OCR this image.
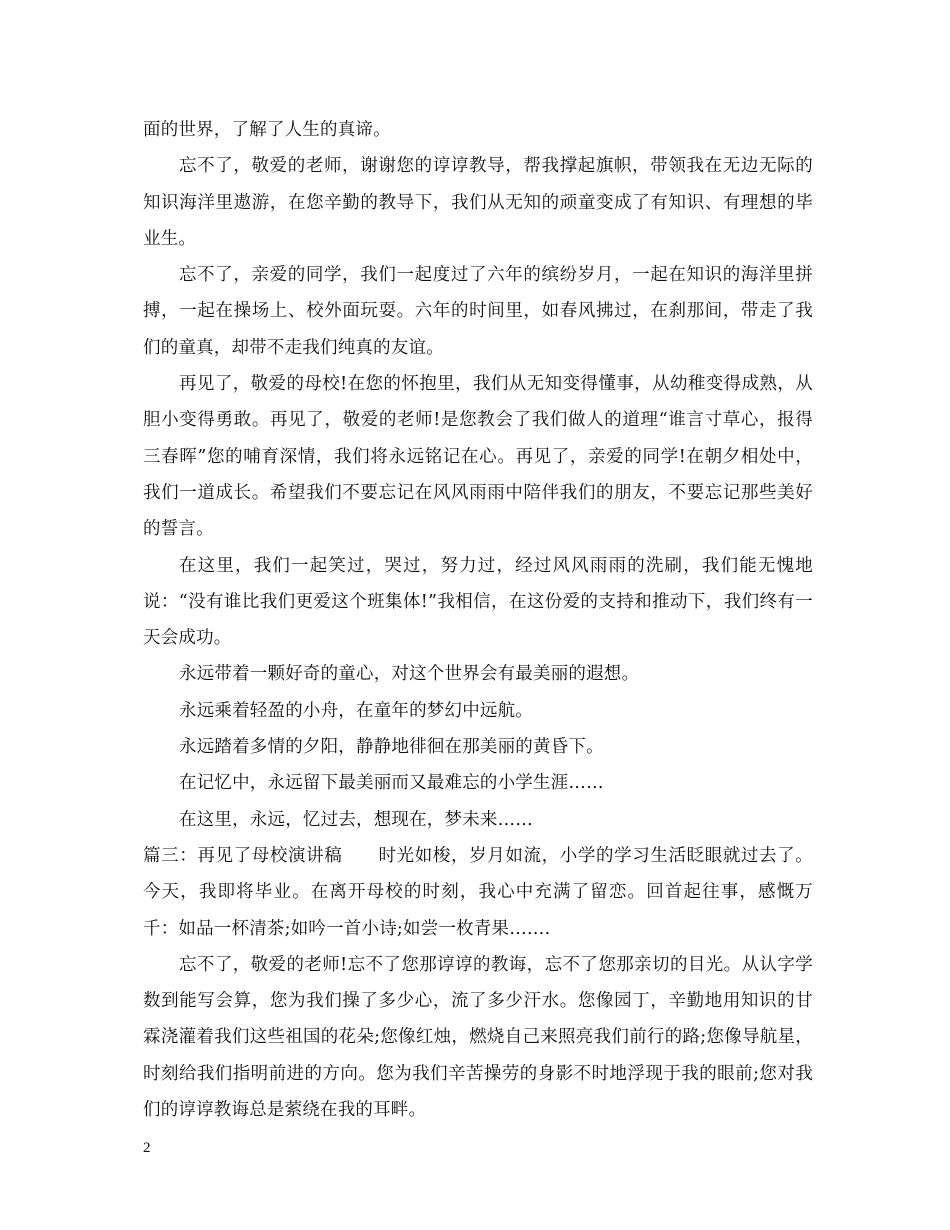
面的世界，了解了人生的真谛。

忘不了，敬爱的老师，谢谢您的谆谆教导，帮我撑起旗帜，带领我在无边无际的知识海洋里遨游，在您辛勤的教导下，我们从无知的顽童变成了有知识、有理想的毕业生。

忘不了，亲爱的同学，我们一起度过了六年的缤纷岁月，一起在知识的海洋里拼搏，一起在操场上、校外面玩耍。六年的时间里，如春风拂过，在刹那间，带走了我们的童真，却带不走我们纯真的友谊。

再见了，敬爱的母校!在您的怀抱里，我们从无知变得懂事，从幼稚变得成熟，从胆小变得勇敢。再见了，敬爱的老师!是您教会了我们做人的道理“谁言寸草心，报得三春晖”您的哺育深情，我们将永远铭记在心。再见了，亲爱的同学!在朝夕相处中，我们一道成长。希望我们不要忘记在风风雨雨中陪伴我们的朋友，不要忘记那些美好的誓言。

在这里，我们一起笑过，哭过，努力过，经过风风雨雨的洗刷，我们能无愧地说：“没有谁比我们更爱这个班集体!”我相信，在这份爱的支持和推动下，我们终有一天会成功。

永远带着一颗好奇的童心，对这个世界会有最美丽的遐想。

永远乘着轻盈的小舟，在童年的梦幻中远航。

永远踏着多情的夕阳，静静地徘徊在那美丽的黄昏下。

在记忆中，永远留下最美丽而又最难忘的小学生涯……

在这里，永远，忆过去，想现在，梦未来……

篇三：再见了母校演讲稿　　时光如梭，岁月如流，小学的学习生活眨眼就过去了。今天，我即将毕业。在离开母校的时刻，我心中充满了留恋。回首起往事，感慨万千：如品一杯清茶;如吟一首小诗;如尝一枚青果…….

忘不了，敬爱的老师!忘不了您那谆谆的教诲，忘不了您那亲切的目光。从认字学数到能写会算，您为我们操了多少心，流了多少汗水。您像园丁，辛勤地用知识的甘霖浇灌着我们这些祖国的花朵;您像红烛，燃烧自己来照亮我们前行的路;您像导航星，时刻给我们指明前进的方向。您为我们辛苦操劳的身影不时地浮现于我的眼前;您对我们的谆谆教诲总是萦绕在我的耳畔。

2
